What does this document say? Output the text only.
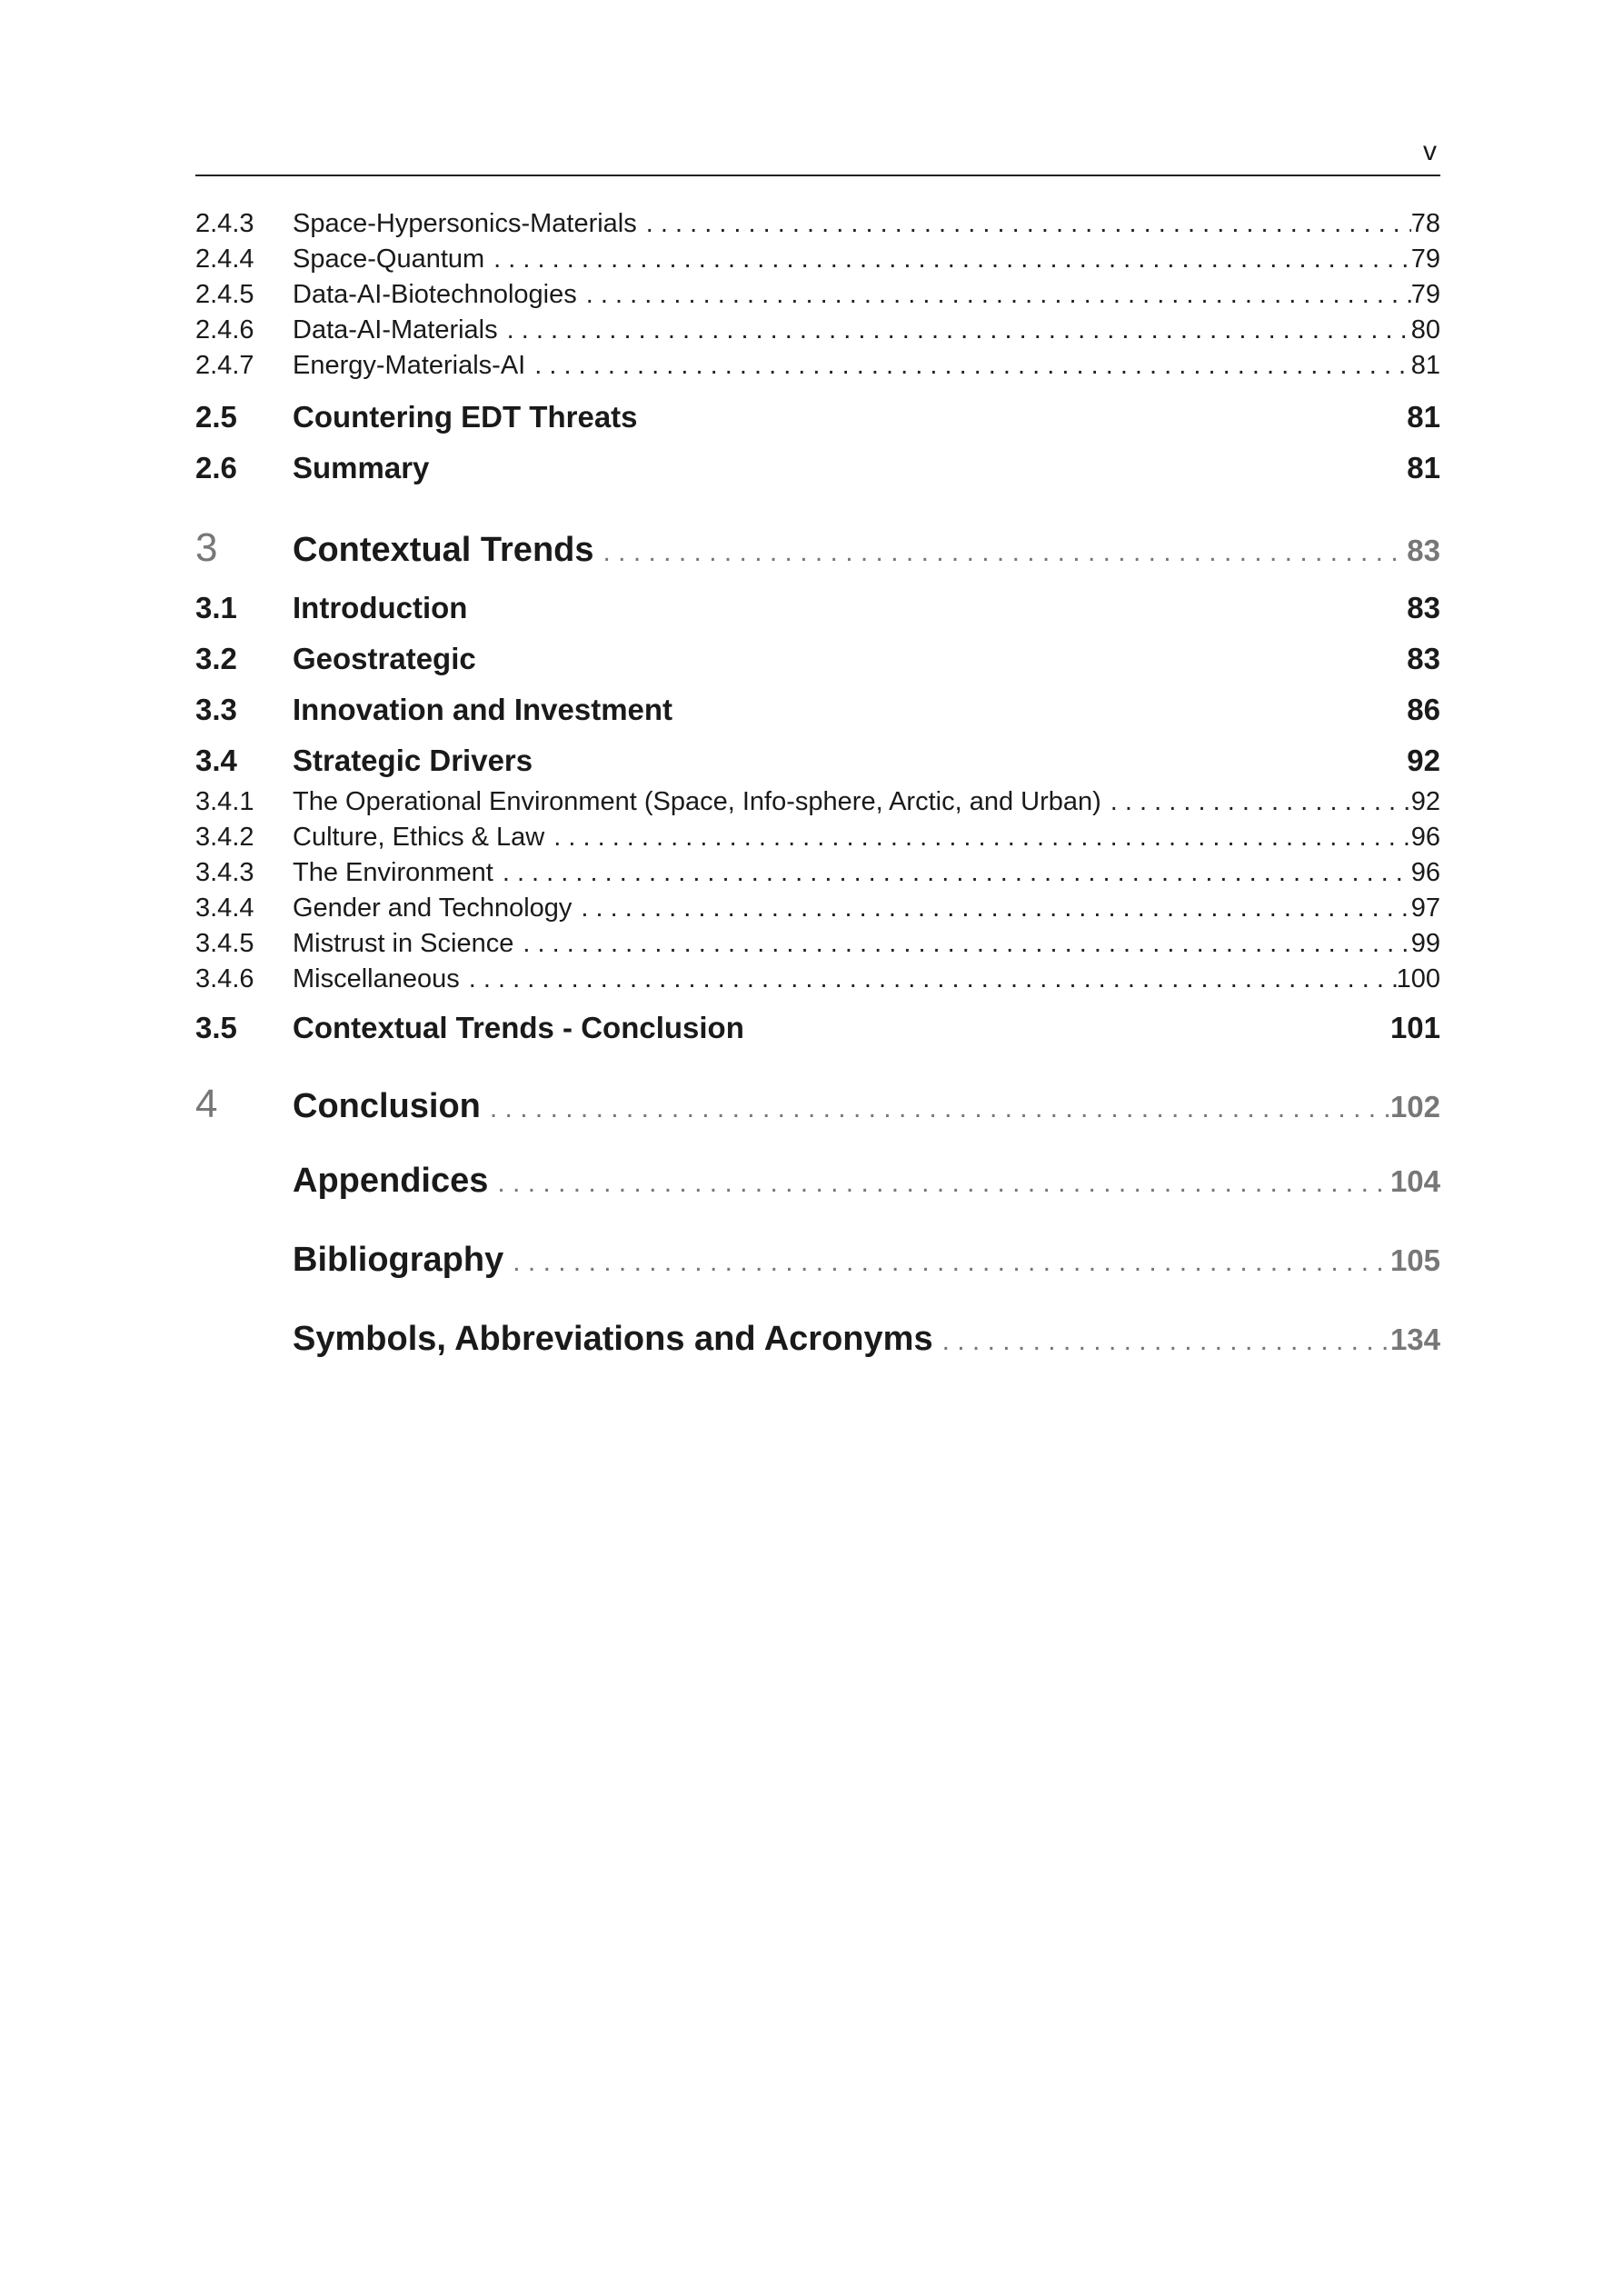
v
2.4.3	Space-Hypersonics-Materials . . .	78
2.4.4	Space-Quantum . . .	79
2.4.5	Data-AI-Biotechnologies . . .	79
2.4.6	Data-AI-Materials . . .	80
2.4.7	Energy-Materials-AI . . .	81
2.5	Countering EDT Threats	81
2.6	Summary	81
3	Contextual Trends . . .	83
3.1	Introduction	83
3.2	Geostrategic	83
3.3	Innovation and Investment	86
3.4	Strategic Drivers	92
3.4.1	The Operational Environment (Space, Info-sphere, Arctic, and Urban) . . .	92
3.4.2	Culture, Ethics & Law . . .	96
3.4.3	The Environment . . .	96
3.4.4	Gender and Technology . . .	97
3.4.5	Mistrust in Science . . .	99
3.4.6	Miscellaneous . . .	100
3.5	Contextual Trends - Conclusion	101
4	Conclusion . . .	102
Appendices . . .	104
Bibliography . . .	105
Symbols, Abbreviations and Acronyms . . .	134
